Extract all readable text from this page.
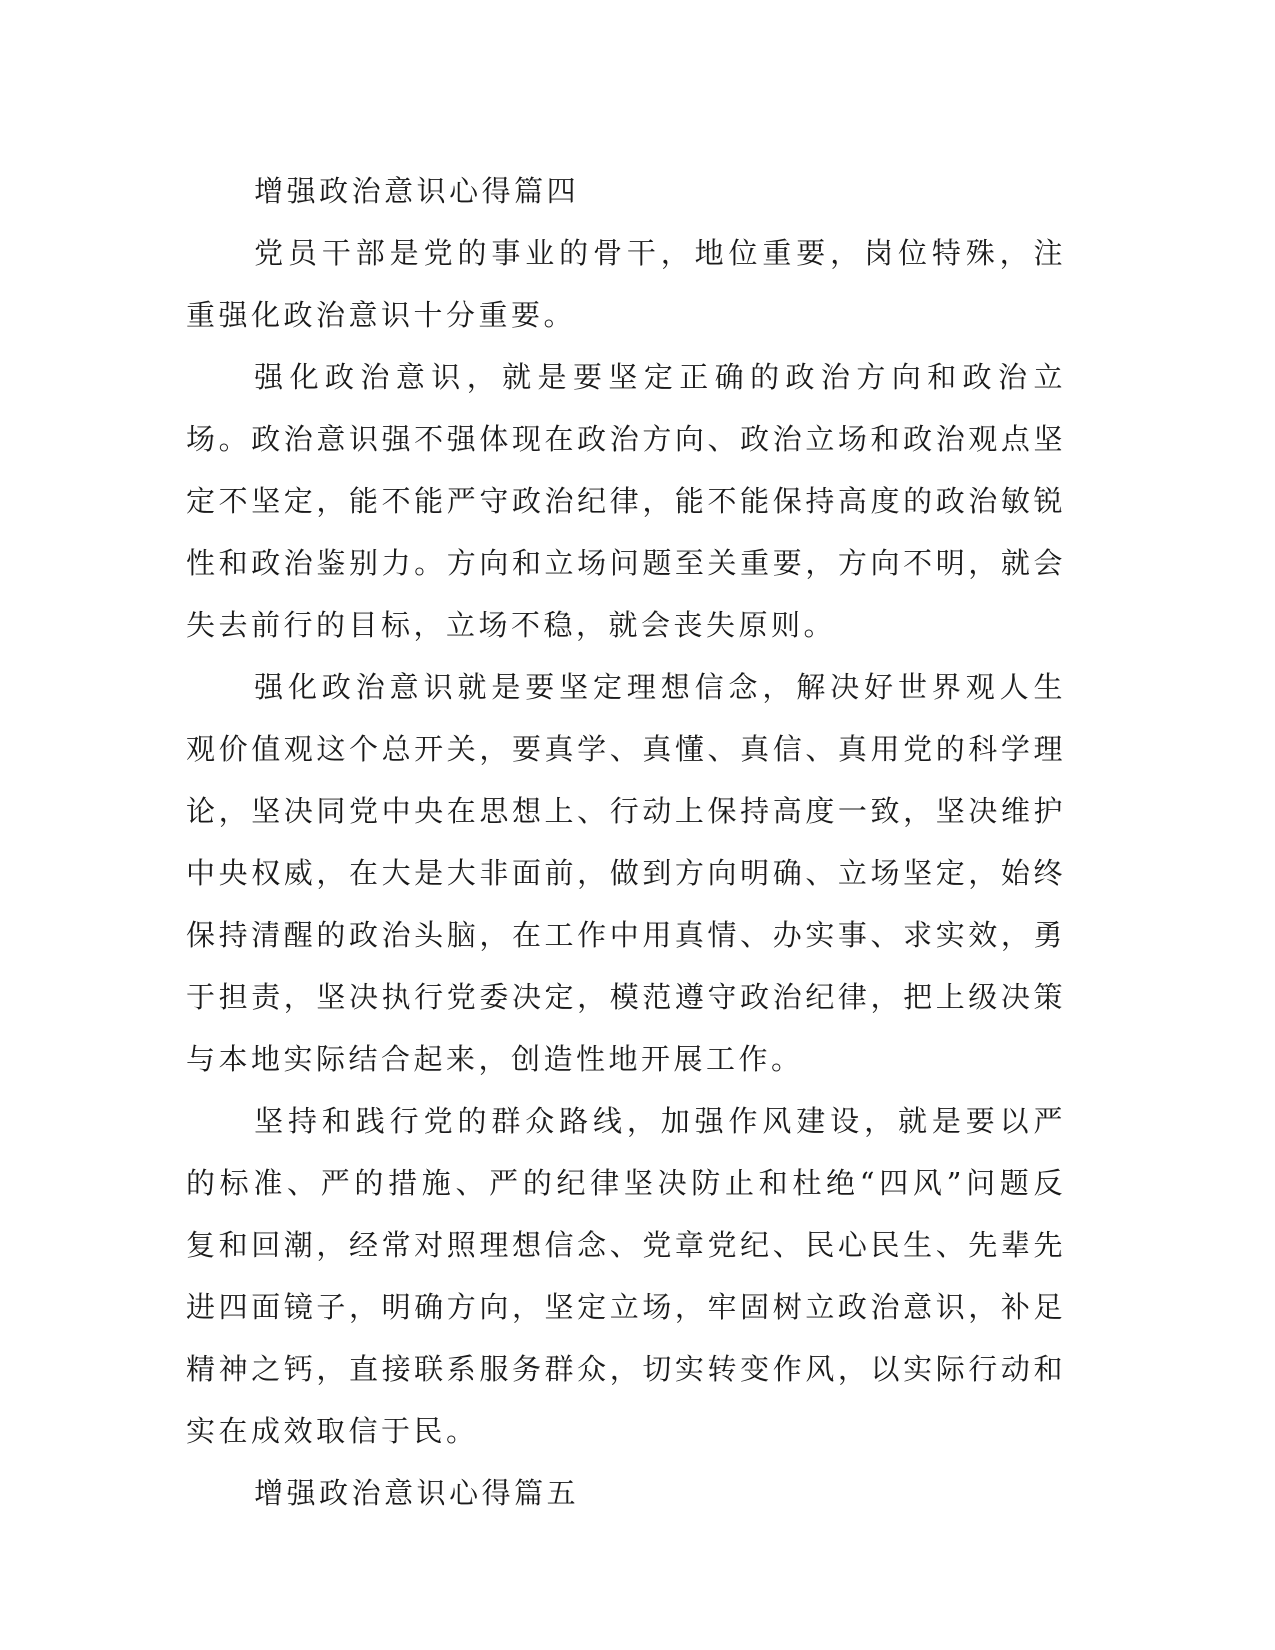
增强政治意识心得篇四

党员干部是党的事业的骨干，地位重要，岗位特殊，注重强化政治意识十分重要。

强化政治意识，就是要坚定正确的政治方向和政治立场。政治意识强不强体现在政治方向、政治立场和政治观点坚定不坚定，能不能严守政治纪律，能不能保持高度的政治敏锐性和政治鉴别力。方向和立场问题至关重要，方向不明，就会失去前行的目标，立场不稳，就会丧失原则。

强化政治意识就是要坚定理想信念，解决好世界观人生观价值观这个总开关，要真学、真懂、真信、真用党的科学理论，坚决同党中央在思想上、行动上保持高度一致，坚决维护中央权威，在大是大非面前，做到方向明确、立场坚定，始终保持清醒的政治头脑，在工作中用真情、办实事、求实效，勇于担责，坚决执行党委决定，模范遵守政治纪律，把上级决策与本地实际结合起来，创造性地开展工作。

坚持和践行党的群众路线，加强作风建设，就是要以严的标准、严的措施、严的纪律坚决防止和杜绝“四风”问题反复和回潮，经常对照理想信念、党章党纪、民心民生、先辈先进四面镜子，明确方向，坚定立场，牢固树立政治意识，补足精神之钙，直接联系服务群众，切实转变作风，以实际行动和实在成效取信于民。

增强政治意识心得篇五
